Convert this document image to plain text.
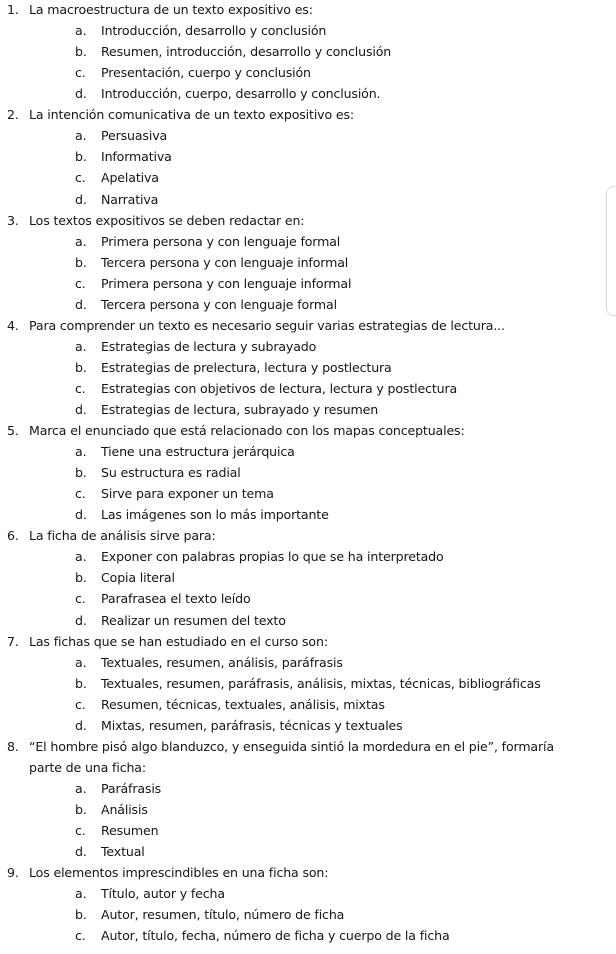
1. La macroestructura de un texto expositivo es:
a. Introducción, desarrollo y conclusión
b. Resumen, introducción, desarrollo y conclusión
c. Presentación, cuerpo y conclusión
d. Introducción, cuerpo, desarrollo y conclusión.
2. La intención comunicativa de un texto expositivo es:
a. Persuasiva
b. Informativa
c. Apelativa
d. Narrativa
3. Los textos expositivos se deben redactar en:
a. Primera persona y con lenguaje formal
b. Tercera persona y con lenguaje informal
c. Primera persona y con lenguaje informal
d. Tercera persona y con lenguaje formal
4. Para comprender un texto es necesario seguir varias estrategias de lectura...
a. Estrategias de lectura y subrayado
b. Estrategias de prelectura, lectura y postlectura
c. Estrategias con objetivos de lectura, lectura y postlectura
d. Estrategias de lectura, subrayado y resumen
5. Marca el enunciado que está relacionado con los mapas conceptuales:
a. Tiene una estructura jerárquica
b. Su estructura es radial
c. Sirve para exponer un tema
d. Las imágenes son lo más importante
6. La ficha de análisis sirve para:
a. Exponer con palabras propias lo que se ha interpretado
b. Copia literal
c. Parafrasea el texto leído
d. Realizar un resumen del texto
7. Las fichas que se han estudiado en el curso son:
a. Textuales, resumen, análisis, paráfrasis
b. Textuales, resumen, paráfrasis, análisis, mixtas, técnicas, bibliográficas
c. Resumen, técnicas, textuales, análisis, mixtas
d. Mixtas, resumen, paráfrasis, técnicas y textuales
8. “El hombre pisó algo blanduzco, y enseguida sintió la mordedura en el pie”, formaría
parte de una ficha:
a. Paráfrasis
b. Análisis
c. Resumen
d. Textual
9. Los elementos imprescindibles en una ficha son:
a. Título, autor y fecha
b. Autor, resumen, título, número de ficha
c. Autor, título, fecha, número de ficha y cuerpo de la ficha
